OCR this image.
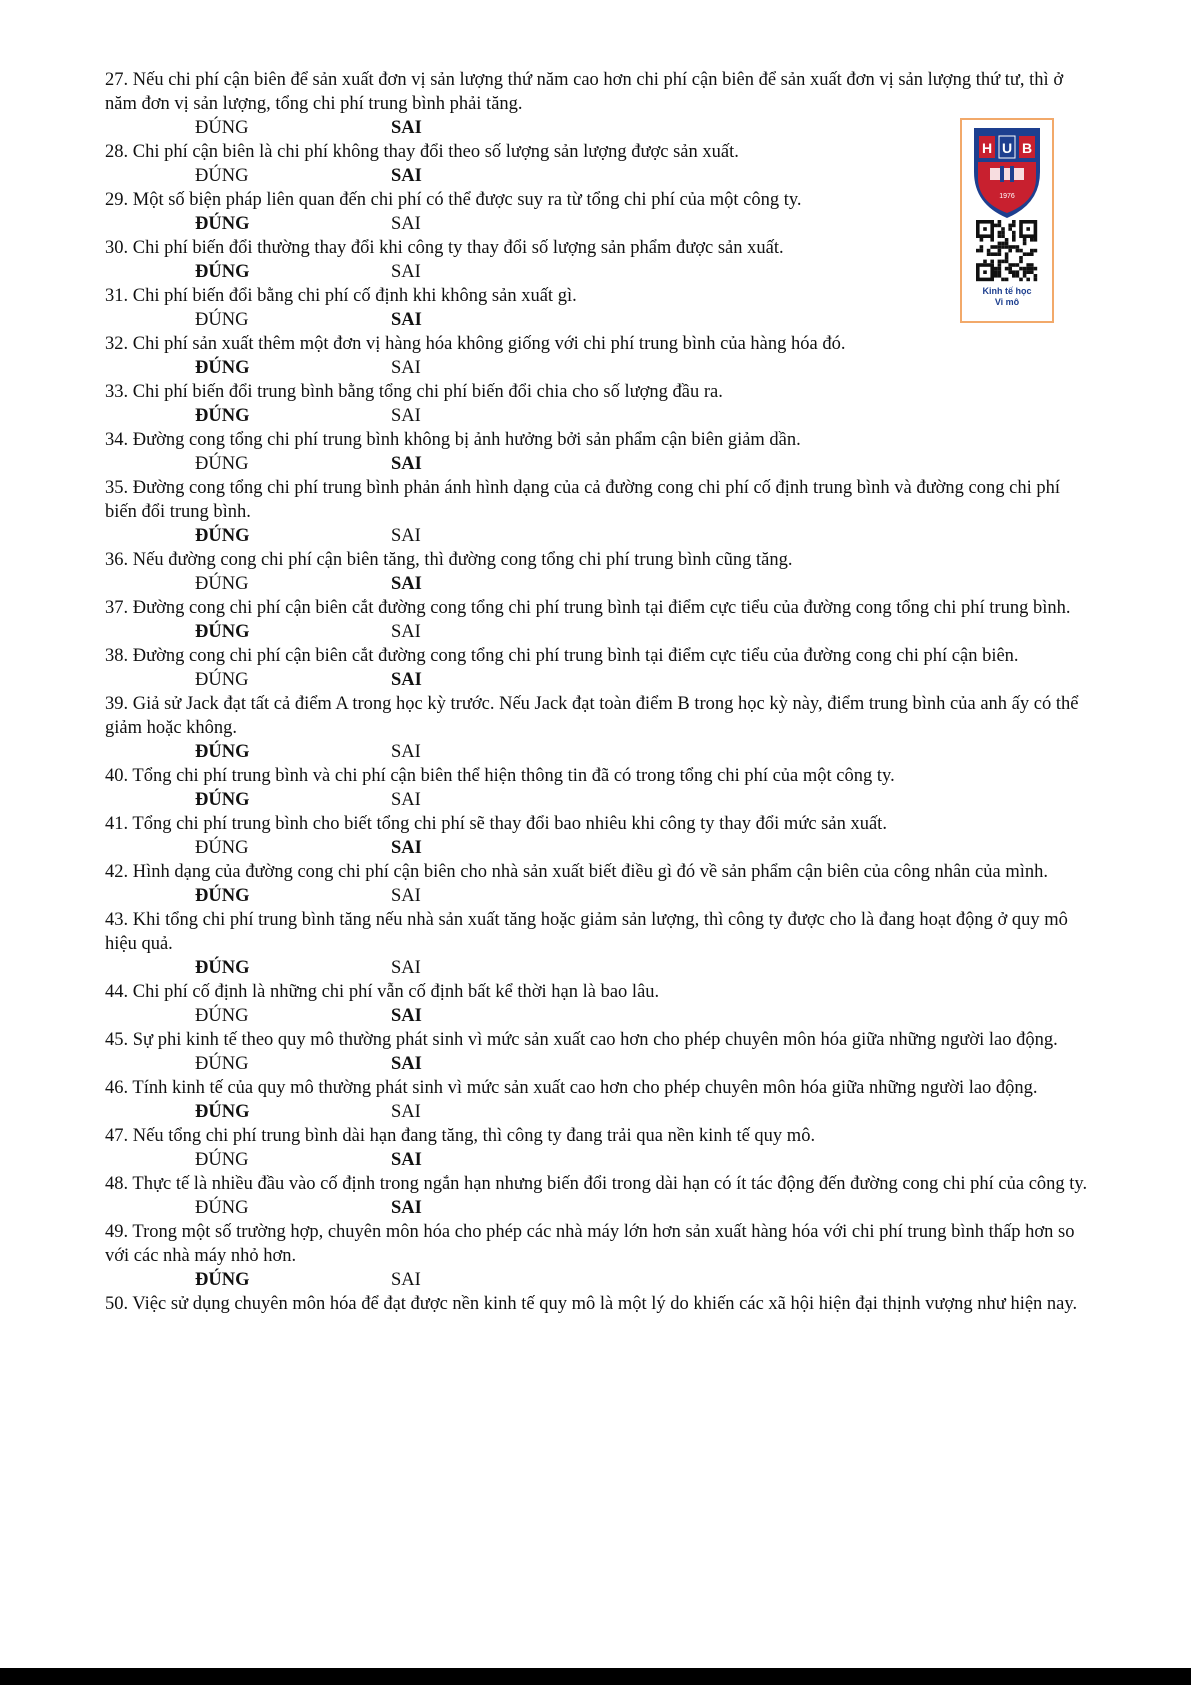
27. Nếu chi phí cận biên để sản xuất đơn vị sản lượng thứ năm cao hơn chi phí cận biên để sản xuất đơn vị sản lượng thứ tư, thì ở năm đơn vị sản lượng, tổng chi phí trung bình phải tăng.

ĐÚNG	SAI

28. Chi phí cận biên là chi phí không thay đổi theo số lượng sản lượng được sản xuất.

ĐÚNG	SAI

29. Một số biện pháp liên quan đến chi phí có thể được suy ra từ tổng chi phí của một công ty.

ĐÚNG	SAI

30. Chi phí biến đổi thường thay đổi khi công ty thay đổi số lượng sản phẩm được sản xuất.

ĐÚNG	SAI

31. Chi phí biến đổi bằng chi phí cố định khi không sản xuất gì.

ĐÚNG	SAI

32. Chi phí sản xuất thêm một đơn vị hàng hóa không giống với chi phí trung bình của hàng hóa đó.

ĐÚNG	SAI

33. Chi phí biến đổi trung bình bằng tổng chi phí biến đổi chia cho số lượng đầu ra.

ĐÚNG	SAI

34. Đường cong tổng chi phí trung bình không bị ảnh hưởng bởi sản phẩm cận biên giảm dần.

ĐÚNG	SAI

35. Đường cong tổng chi phí trung bình phản ánh hình dạng của cả đường cong chi phí cố định trung bình và đường cong chi phí biến đổi trung bình.

ĐÚNG	SAI

36. Nếu đường cong chi phí cận biên tăng, thì đường cong tổng chi phí trung bình cũng tăng.

ĐÚNG	SAI

37. Đường cong chi phí cận biên cắt đường cong tổng chi phí trung bình tại điểm cực tiểu của đường cong tổng chi phí trung bình.

ĐÚNG	SAI

38. Đường cong chi phí cận biên cắt đường cong tổng chi phí trung bình tại điểm cực tiểu của đường cong chi phí cận biên.

ĐÚNG	SAI

39. Giả sử Jack đạt tất cả điểm A trong học kỳ trước. Nếu Jack đạt toàn điểm B trong học kỳ này, điểm trung bình của anh ấy có thể giảm hoặc không.

ĐÚNG	SAI

40. Tổng chi phí trung bình và chi phí cận biên thể hiện thông tin đã có trong tổng chi phí của một công ty.

ĐÚNG	SAI

41. Tổng chi phí trung bình cho biết tổng chi phí sẽ thay đổi bao nhiêu khi công ty thay đổi mức sản xuất.

ĐÚNG	SAI

42. Hình dạng của đường cong chi phí cận biên cho nhà sản xuất biết điều gì đó về sản phẩm cận biên của công nhân của mình.

ĐÚNG	SAI

43. Khi tổng chi phí trung bình tăng nếu nhà sản xuất tăng hoặc giảm sản lượng, thì công ty được cho là đang hoạt động ở quy mô hiệu quả.

ĐÚNG	SAI

44. Chi phí cố định là những chi phí vẫn cố định bất kể thời hạn là bao lâu.

ĐÚNG	SAI

45. Sự phi kinh tế theo quy mô thường phát sinh vì mức sản xuất cao hơn cho phép chuyên môn hóa giữa những người lao động.

ĐÚNG	SAI

46. Tính kinh tế của quy mô thường phát sinh vì mức sản xuất cao hơn cho phép chuyên môn hóa giữa những người lao động.

ĐÚNG	SAI

47. Nếu tổng chi phí trung bình dài hạn đang tăng, thì công ty đang trải qua nền kinh tế quy mô.

ĐÚNG	SAI

48. Thực tế là nhiều đầu vào cố định trong ngắn hạn nhưng biến đổi trong dài hạn có ít tác động đến đường cong chi phí của công ty.

ĐÚNG	SAI

49. Trong một số trường hợp, chuyên môn hóa cho phép các nhà máy lớn hơn sản xuất hàng hóa với chi phí trung bình thấp hơn so với các nhà máy nhỏ hơn.

ĐÚNG	SAI

50. Việc sử dụng chuyên môn hóa để đạt được nền kinh tế quy mô là một lý do khiến các xã hội hiện đại thịnh vượng như hiện nay.

H U B
1976
Kinh tế học
Vi mô
